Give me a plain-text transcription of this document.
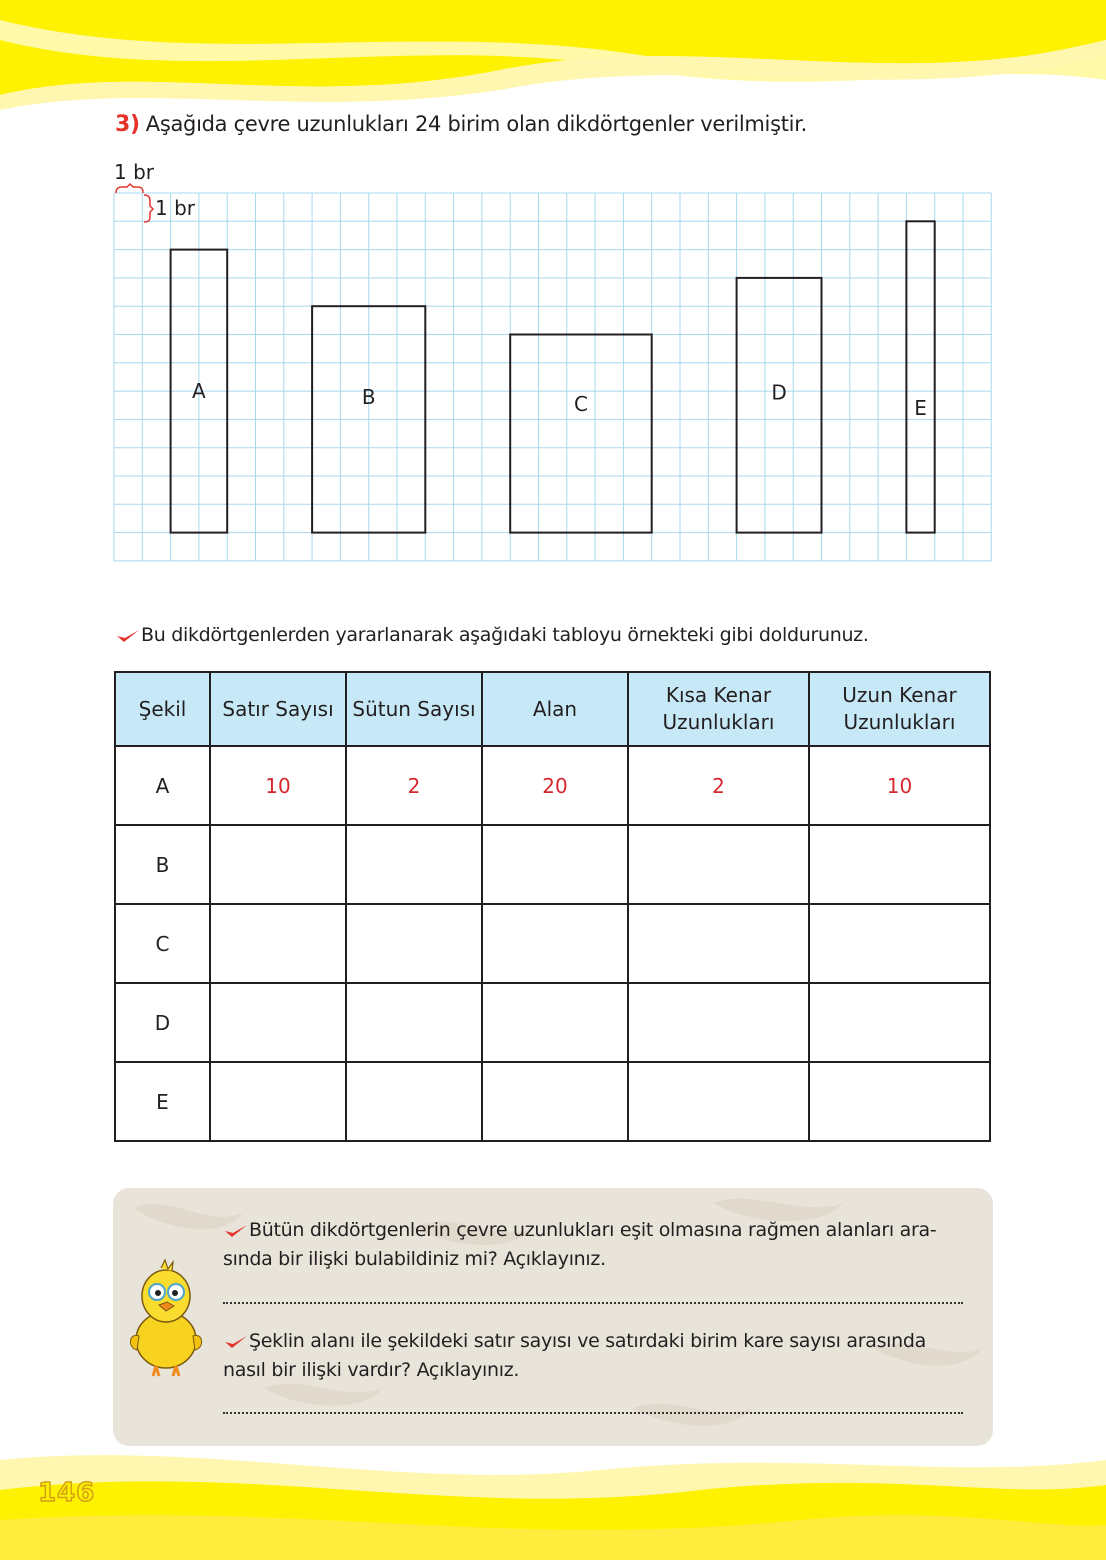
3) Aşağıda çevre uzunlukları 24 birim olan dikdörtgenler verilmiştir.
1 br
1 br
A	B	C	D
E
Bu dikdörtgenlerden yararlanarak aşağıdaki tabloyu örnekteki gibi doldurunuz.
Şekil	Satır Sayısı	Sütun Sayısı	Alan	Kısa Kenar Uzunlukları	Uzun Kenar Uzunlukları
A	10	2	20	2	10
B					
C					
D					
E					
Bütün dikdörtgenlerin çevre uzunlukları eşit olmasına rağmen alanları ara-sında bir ilişki bulabildiniz mi? Açıklayınız.
Şeklin alanı ile şekildeki satır sayısı ve satırdaki birim kare sayısı arasında nasıl bir ilişki vardır? Açıklayınız.
146
